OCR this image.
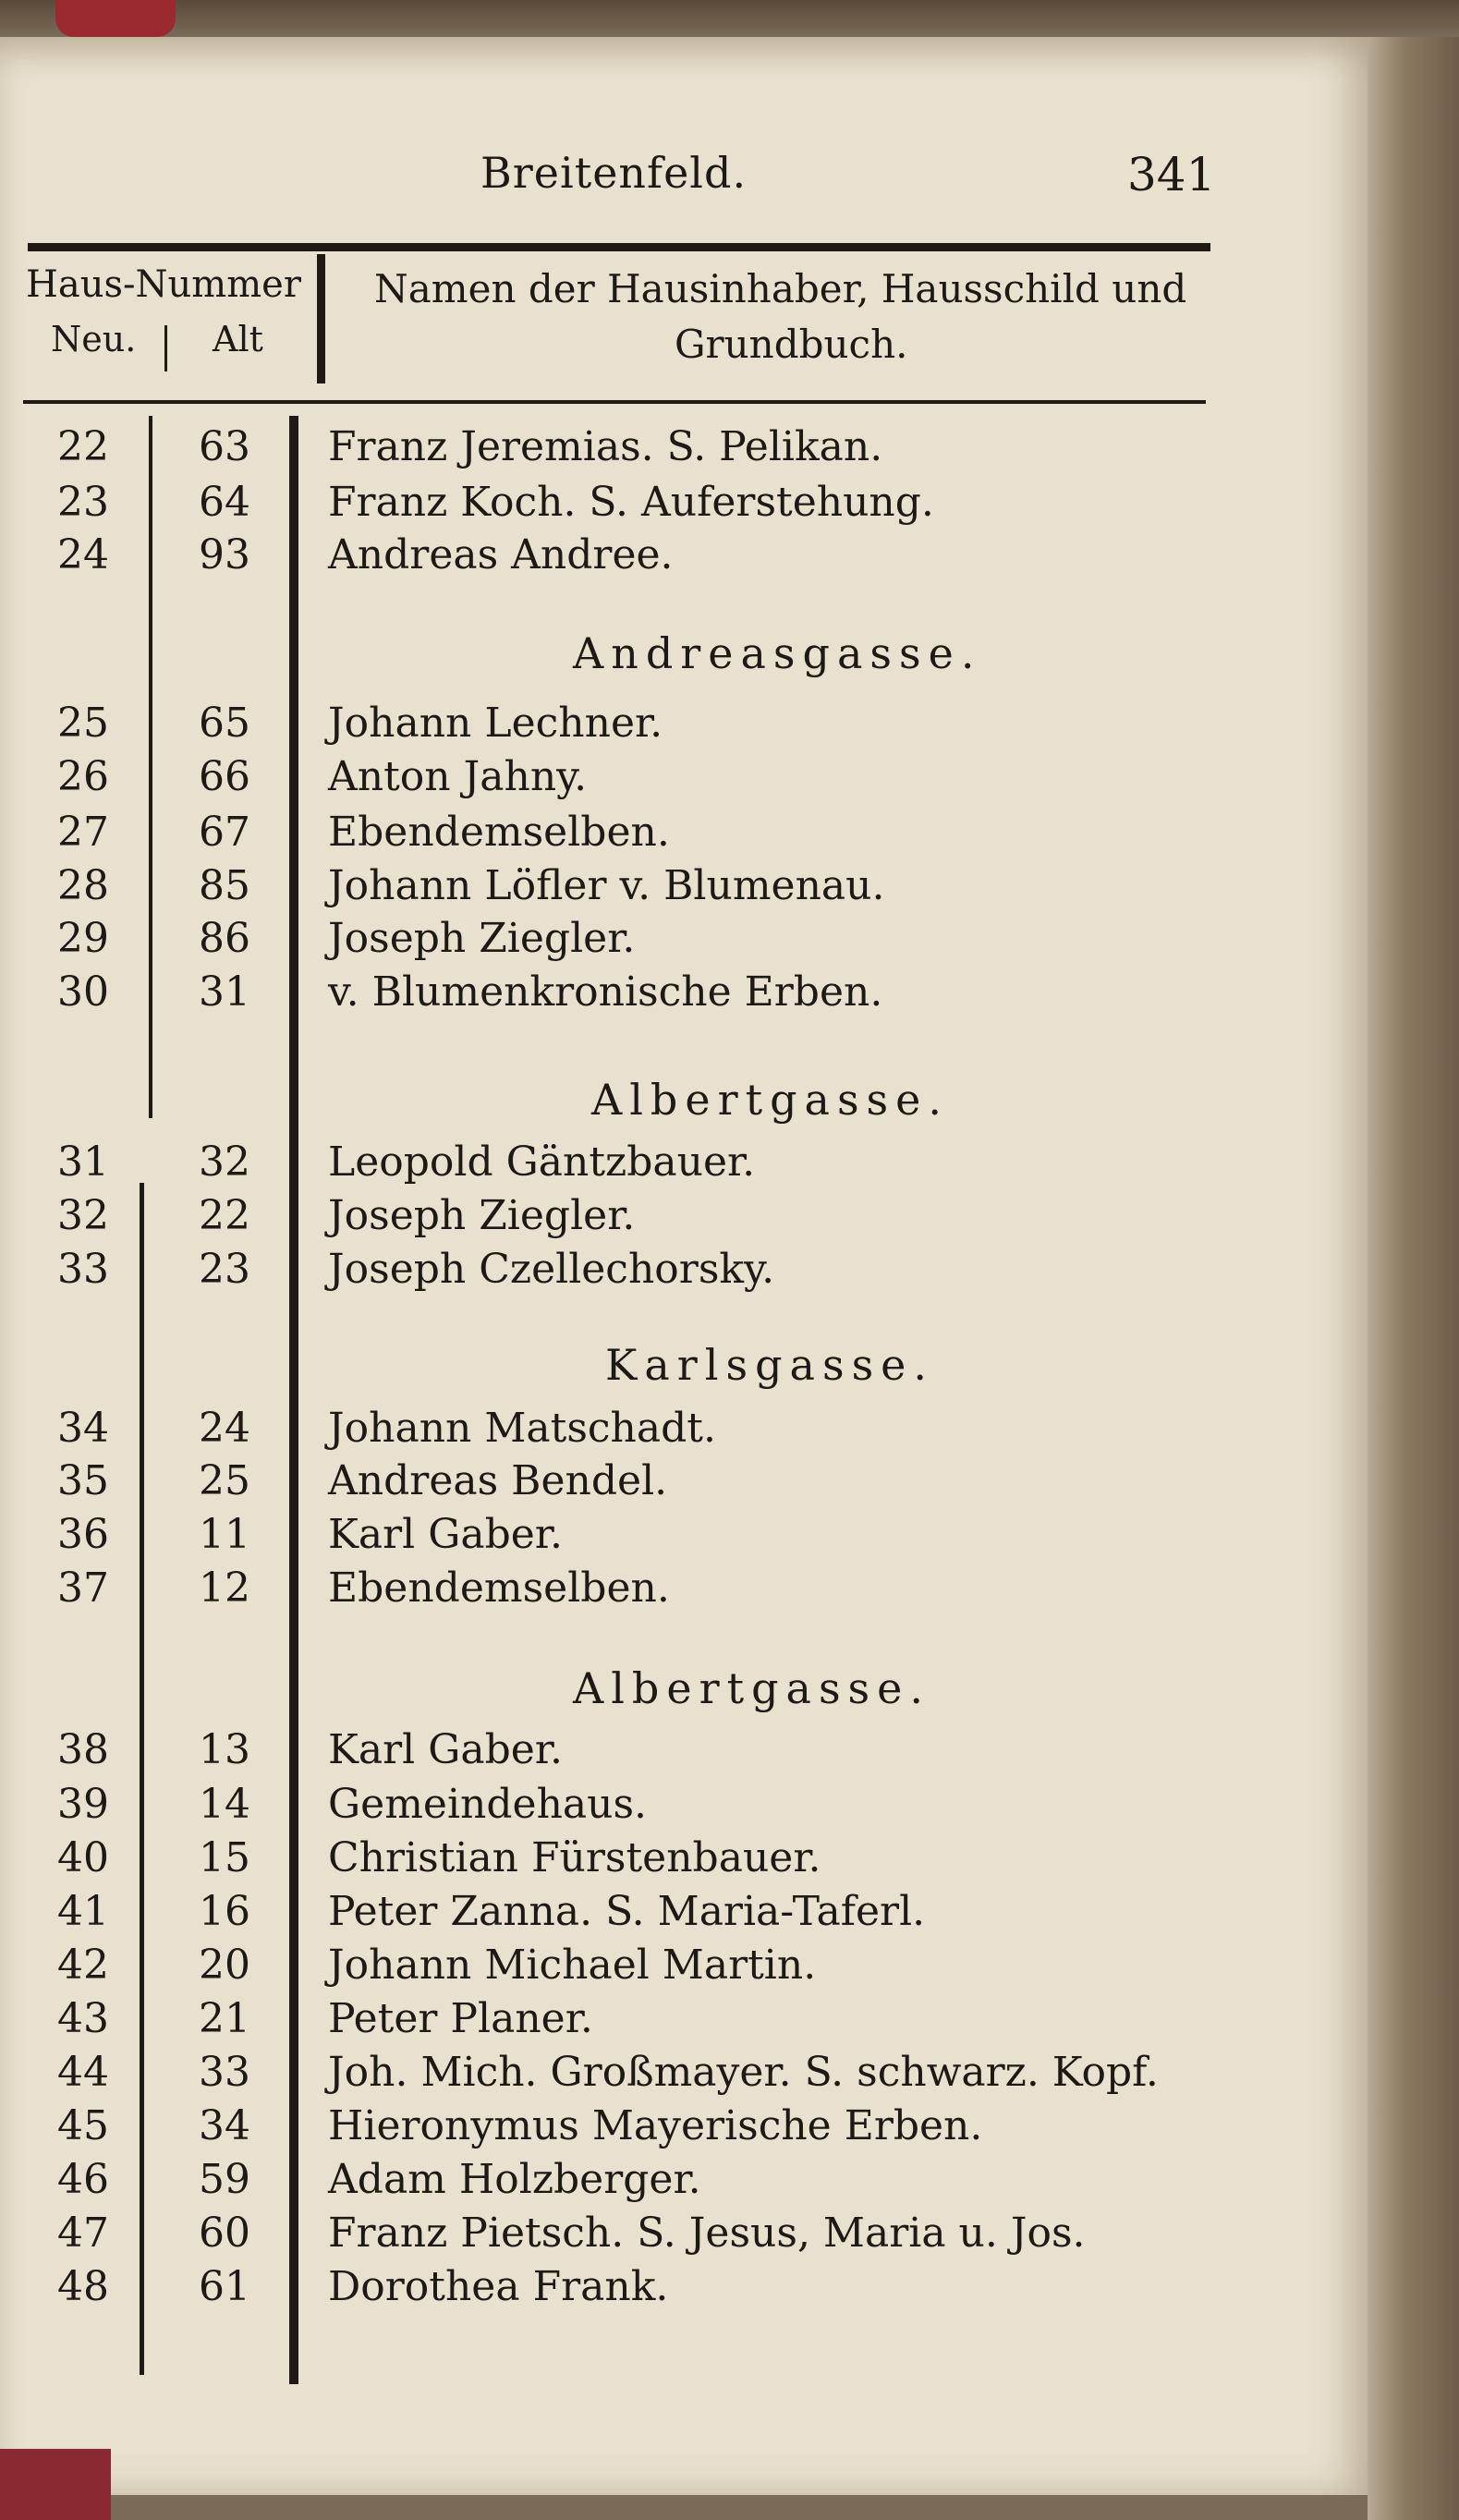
Breitenfeld.	341
Haus-Nummer
Neu. Alt
Namen der Hausinhaber, Hausschild und
Grundbuch.
22	63	Franz Jeremias. S. Pelikan.
23	64	Franz Koch. S. Auferstehung.
24	93	Andreas Andree.
Andreasgasse.
25	65	Johann Lechner.
26	66	Anton Jahny.
27	67	Ebendemselben.
28	85	Johann Löfler v. Blumenau.
29	86	Joseph Ziegler.
30	31	v. Blumenkronische Erben.
Albertgasse.
31	32	Leopold Gäntzbauer.
32	22	Joseph Ziegler.
33	23	Joseph Czellechorsky.
Karlsgasse.
34	24	Johann Matschadt.
35	25	Andreas Bendel.
36	11	Karl Gaber.
37	12	Ebendemselben.
Albertgasse.
38	13	Karl Gaber.
39	14	Gemeindehaus.
40	15	Christian Fürstenbauer.
41	16	Peter Zanna. S. Maria-Taferl.
42	20	Johann Michael Martin.
43	21	Peter Planer.
44	33	Joh. Mich. Großmayer. S. schwarz. Kopf.
45	34	Hieronymus Mayerische Erben.
46	59	Adam Holzberger.
47	60	Franz Pietsch. S. Jesus, Maria u. Jos.
48	61	Dorothea Frank.
